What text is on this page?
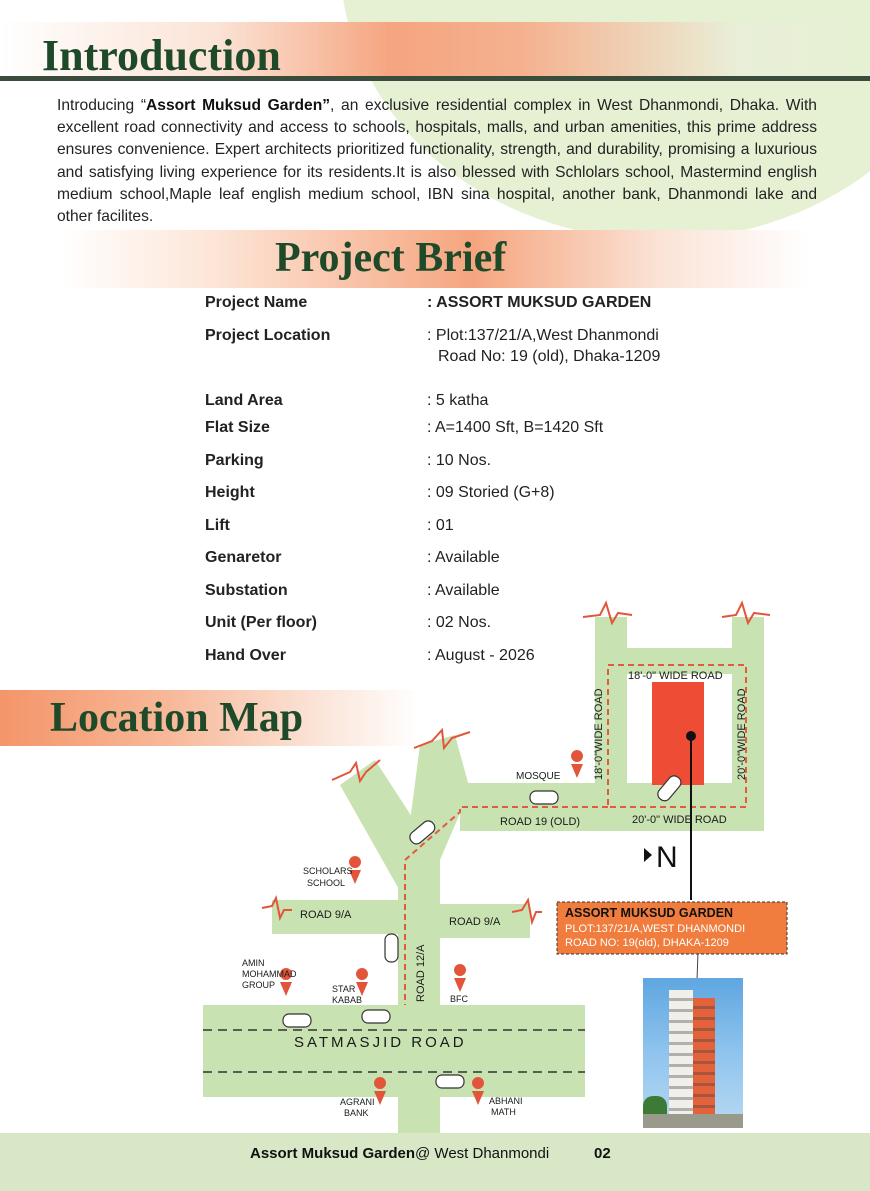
Introduction

Introducing “Assort Muksud Garden”, an exclusive residential complex in West Dhanmondi, Dhaka. With excellent road connectivity and access to schools, hospitals, malls, and urban amenities, this prime address ensures convenience. Expert architects prioritized functionality, strength, and durability, promising a luxurious and satisfying living experience for its residents.It is also blessed with Schlolars school, Mastermind english medium school,Maple leaf english medium school, IBN sina hospital, another bank, Dhanmondi lake and other facilites.

Project Brief
Project Name	: ASSORT MUKSUD GARDEN
Project Location	: Plot:137/21/A,West Dhanmondi
Road No: 19 (old), Dhaka-1209
Land Area	: 5 katha
Flat Size	: A=1400 Sft, B=1420 Sft
Parking	: 10 Nos.
Height	: 09 Storied (G+8)
Lift	: 01
Genaretor	: Available
Substation	: Available
Unit (Per floor)	: 02 Nos.
Hand Over	: August - 2026
Location Map
18'-0" WIDE ROAD
18'-0"WIDE ROAD	20'-0"WIDE ROAD
20'-0" WIDE ROAD
ROAD 19 (OLD)
MOSQUE
SCHOLARS
SCHOOL
ROAD 9/A
ROAD 9/A
ROAD 12/A
AMIN
MOHAMMAD
GROUP	STAR
KABAB	BFC
SATMASJID ROAD
AGRANI
BANK
ABHANI
MATH
N
ASSORT MUKSUD GARDEN
PLOT:137/21/A,WEST DHANMONDI
ROAD NO: 19(old), DHAKA-1209
Assort Muksud Garden@ West Dhanmondi	02
